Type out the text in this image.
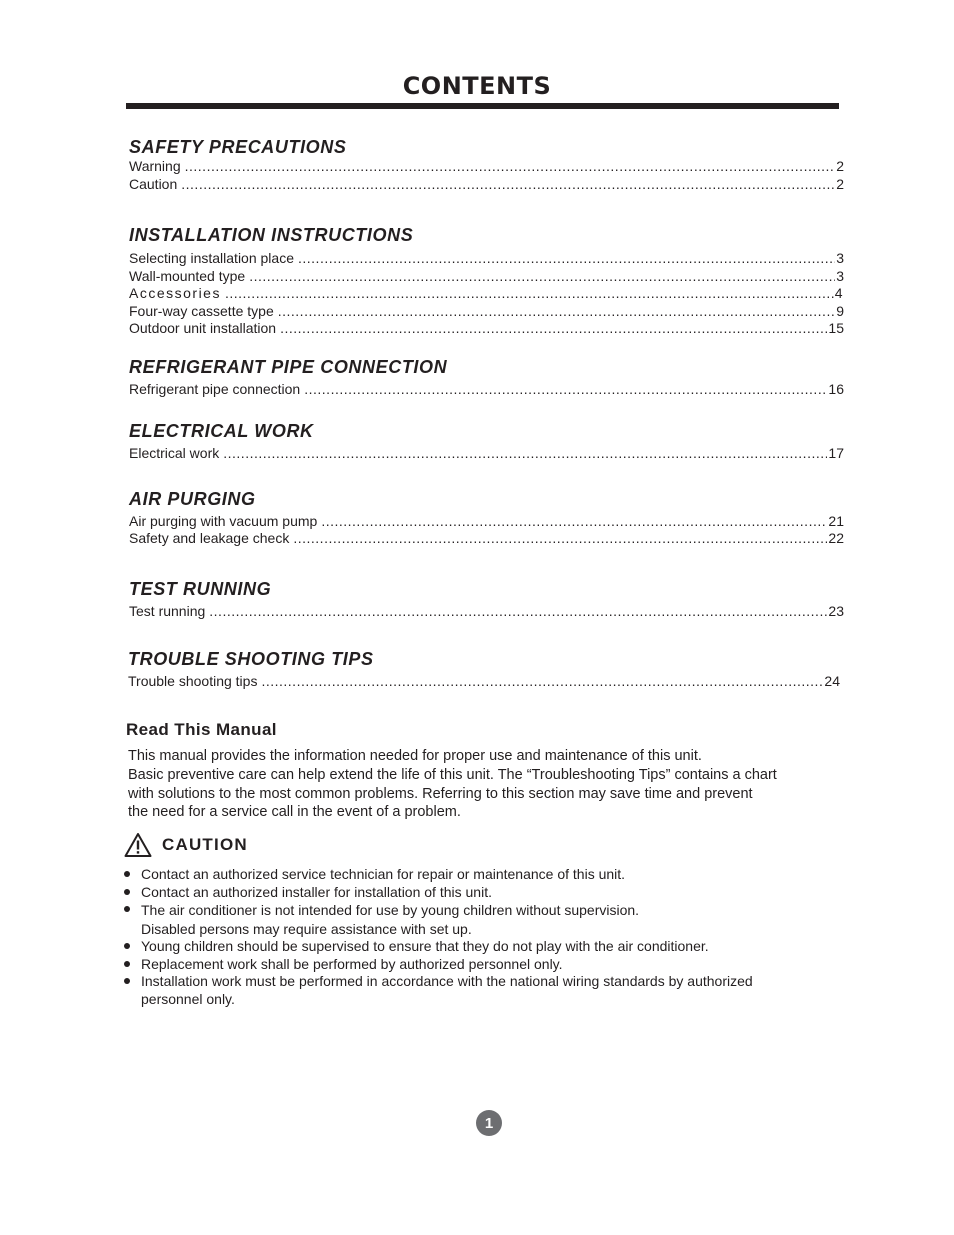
CONTENTS
SAFETY PRECAUTIONS
Warning .....	2
Caution .....	2
INSTALLATION INSTRUCTIONS
Selecting installation place .....	3
Wall-mounted type .....	3
Accessories .....	4
Four-way cassette type .....	9
Outdoor unit installation .....	15
REFRIGERANT PIPE CONNECTION
Refrigerant pipe connection .....	16
ELECTRICAL WORK
Electrical work .....	17
AIR PURGING
Air purging with vacuum pump .....	21
Safety and leakage check .....	22
TEST RUNNING
Test running .....	23
TROUBLE SHOOTING TIPS
Trouble shooting tips .....	24
Read This Manual

This manual provides the information needed for proper use and maintenance of this unit.

Basic preventive care can help extend the life of this unit. The “Troubleshooting Tips” contains a chart

with solutions to the most common problems. Referring to this section may save time and prevent

the need for a service call in the event of a problem.

CAUTION
Contact an authorized service technician for repair or maintenance of this unit.
Contact an authorized installer for installation of this unit.
The air conditioner is not intended for use by young children without supervision.
Disabled persons may require assistance with set up.
Young children should be supervised to ensure that they do not play with the air conditioner.
Replacement work shall be performed by authorized personnel only.
Installation work must be performed in accordance with the national wiring standards by authorized
personnel only.
1
